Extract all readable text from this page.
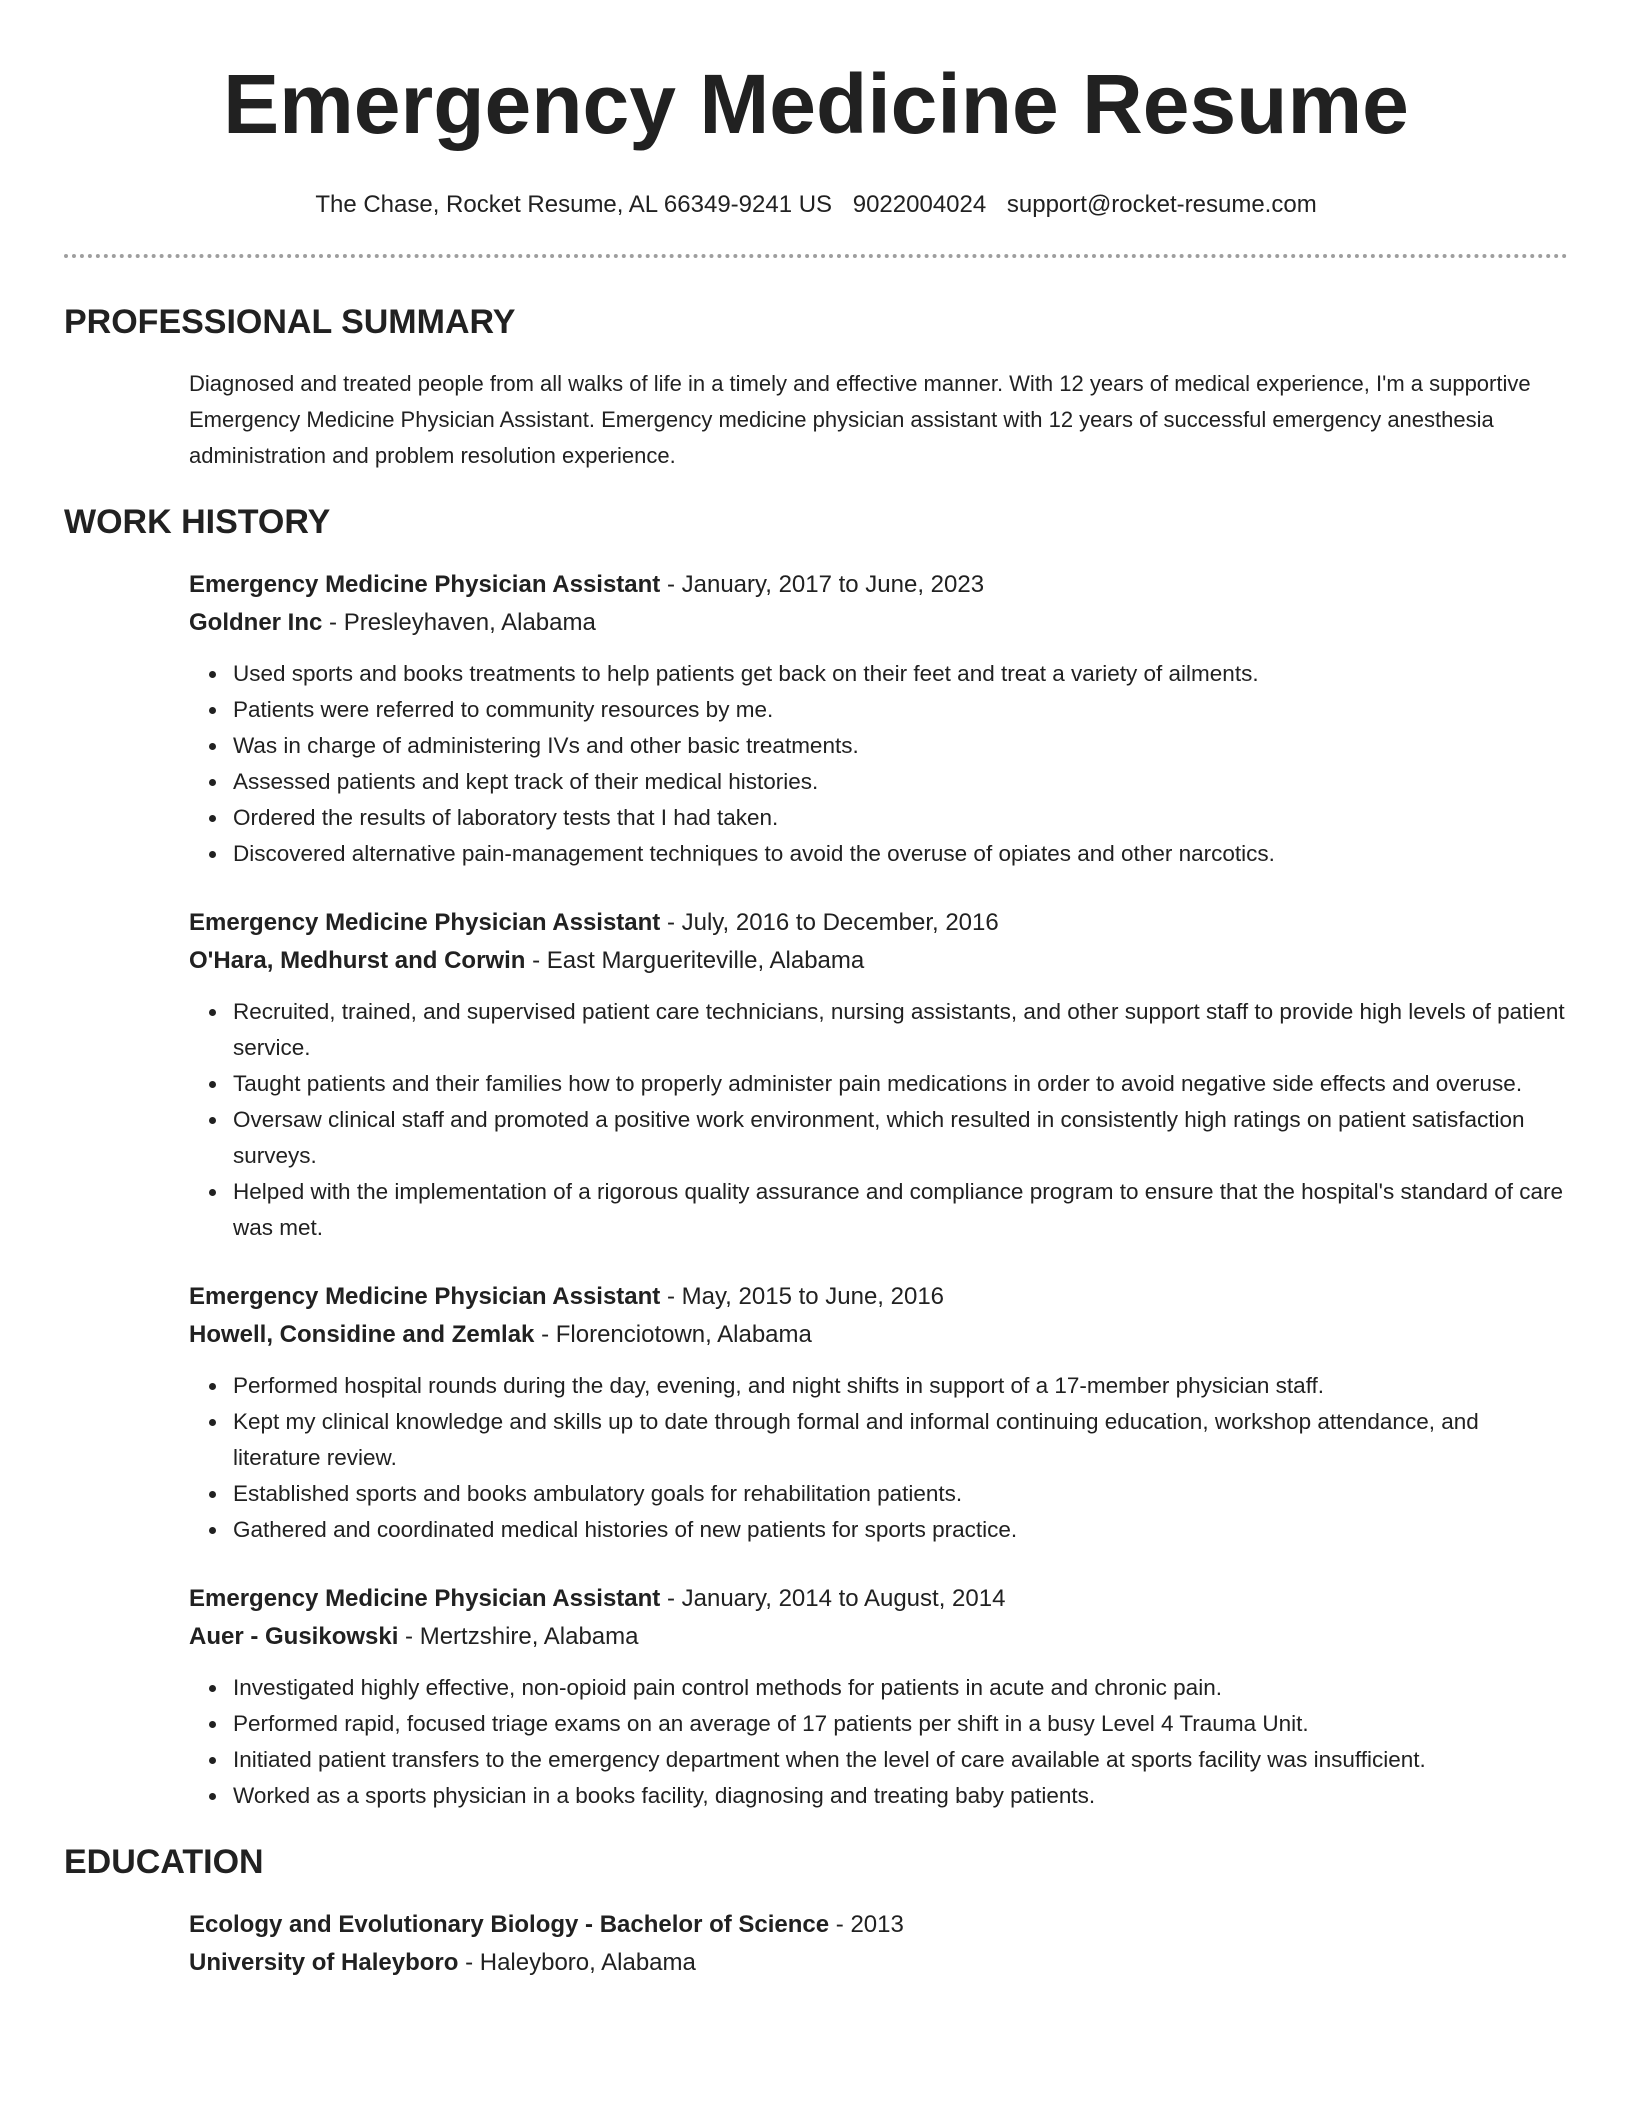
Emergency Medicine Resume
The Chase, Rocket Resume, AL 66349-9241 US 9022004024 support@rocket-resume.com
PROFESSIONAL SUMMARY

Diagnosed and treated people from all walks of life in a timely and effective manner. With 12 years of medical experience, I'm a supportive Emergency Medicine Physician Assistant. Emergency medicine physician assistant with 12 years of successful emergency anesthesia administration and problem resolution experience.

WORK HISTORY
Emergency Medicine Physician Assistant - January, 2017 to June, 2023
Goldner Inc - Presleyhaven, Alabama
Used sports and books treatments to help patients get back on their feet and treat a variety of ailments.
Patients were referred to community resources by me.
Was in charge of administering IVs and other basic treatments.
Assessed patients and kept track of their medical histories.
Ordered the results of laboratory tests that I had taken.
Discovered alternative pain-management techniques to avoid the overuse of opiates and other narcotics.
Emergency Medicine Physician Assistant - July, 2016 to December, 2016
O'Hara, Medhurst and Corwin - East Margueriteville, Alabama
Recruited, trained, and supervised patient care technicians, nursing assistants, and other support staff to provide high levels of patient service.
Taught patients and their families how to properly administer pain medications in order to avoid negative side effects and overuse.
Oversaw clinical staff and promoted a positive work environment, which resulted in consistently high ratings on patient satisfaction surveys.
Helped with the implementation of a rigorous quality assurance and compliance program to ensure that the hospital's standard of care was met.
Emergency Medicine Physician Assistant - May, 2015 to June, 2016
Howell, Considine and Zemlak - Florenciotown, Alabama
Performed hospital rounds during the day, evening, and night shifts in support of a 17-member physician staff.
Kept my clinical knowledge and skills up to date through formal and informal continuing education, workshop attendance, and literature review.
Established sports and books ambulatory goals for rehabilitation patients.
Gathered and coordinated medical histories of new patients for sports practice.
Emergency Medicine Physician Assistant - January, 2014 to August, 2014
Auer - Gusikowski - Mertzshire, Alabama
Investigated highly effective, non-opioid pain control methods for patients in acute and chronic pain.
Performed rapid, focused triage exams on an average of 17 patients per shift in a busy Level 4 Trauma Unit.
Initiated patient transfers to the emergency department when the level of care available at sports facility was insufficient.
Worked as a sports physician in a books facility, diagnosing and treating baby patients.
EDUCATION
Ecology and Evolutionary Biology - Bachelor of Science - 2013
University of Haleyboro - Haleyboro, Alabama
